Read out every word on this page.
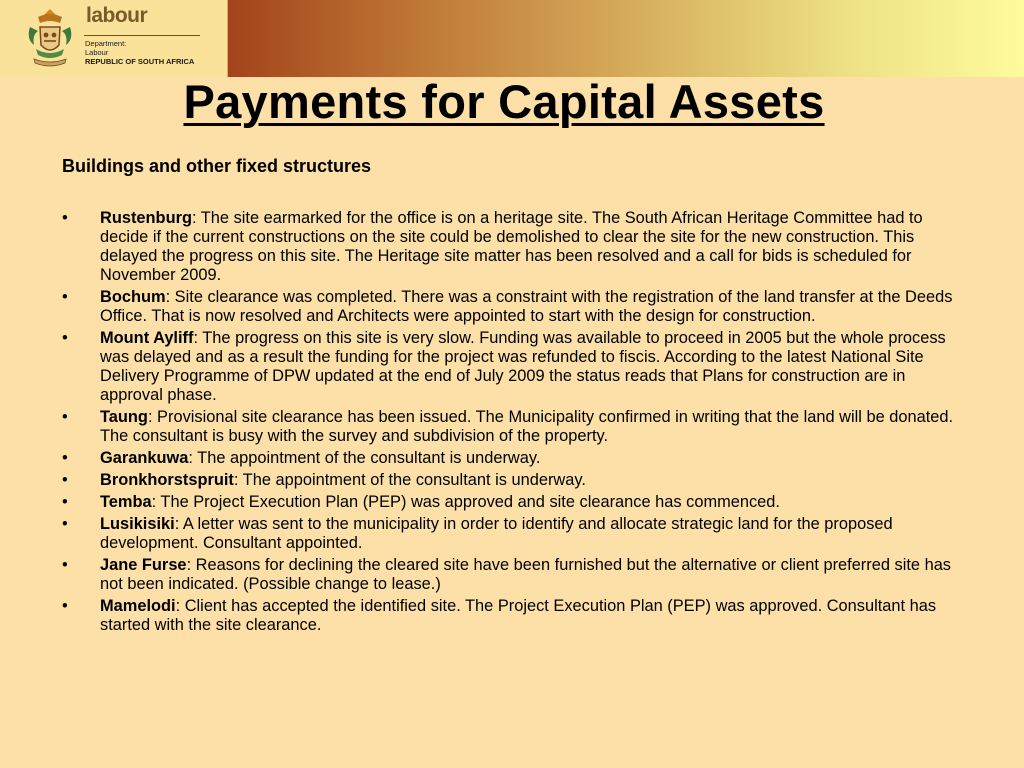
labour
Department:
Labour
REPUBLIC OF SOUTH AFRICA
Payments for Capital Assets
Buildings and other fixed structures
• Rustenburg: The site earmarked for the office is on a heritage site. The South African Heritage Committee had to decide if the current constructions on the site could be demolished to clear the site for the new construction. This delayed the progress on this site. The Heritage site matter has been resolved and a call for bids is scheduled for November 2009.
• Bochum: Site clearance was completed. There was a constraint with the registration of the land transfer at the Deeds Office. That is now resolved and Architects were appointed to start with the design for construction.
• Mount Ayliff: The progress on this site is very slow. Funding was available to proceed in 2005 but the whole process was delayed and as a result the funding for the project was refunded to fiscis. According to the latest National Site Delivery Programme of DPW updated at the end of July 2009 the status reads that Plans for construction are in approval phase.
• Taung: Provisional site clearance has been issued. The Municipality confirmed in writing that the land will be donated. The consultant is busy with the survey and subdivision of the property.
• Garankuwa: The appointment of the consultant is underway.
• Bronkhorstspruit: The appointment of the consultant is underway.
• Temba: The Project Execution Plan (PEP) was approved and site clearance has commenced.
• Lusikisiki: A letter was sent to the municipality in order to identify and allocate strategic land for the proposed development. Consultant appointed.
• Jane Furse: Reasons for declining the cleared site have been furnished but the alternative or client preferred site has not been indicated. (Possible change to lease.)
• Mamelodi: Client has accepted the identified site. The Project Execution Plan (PEP) was approved. Consultant has started with the site clearance.
